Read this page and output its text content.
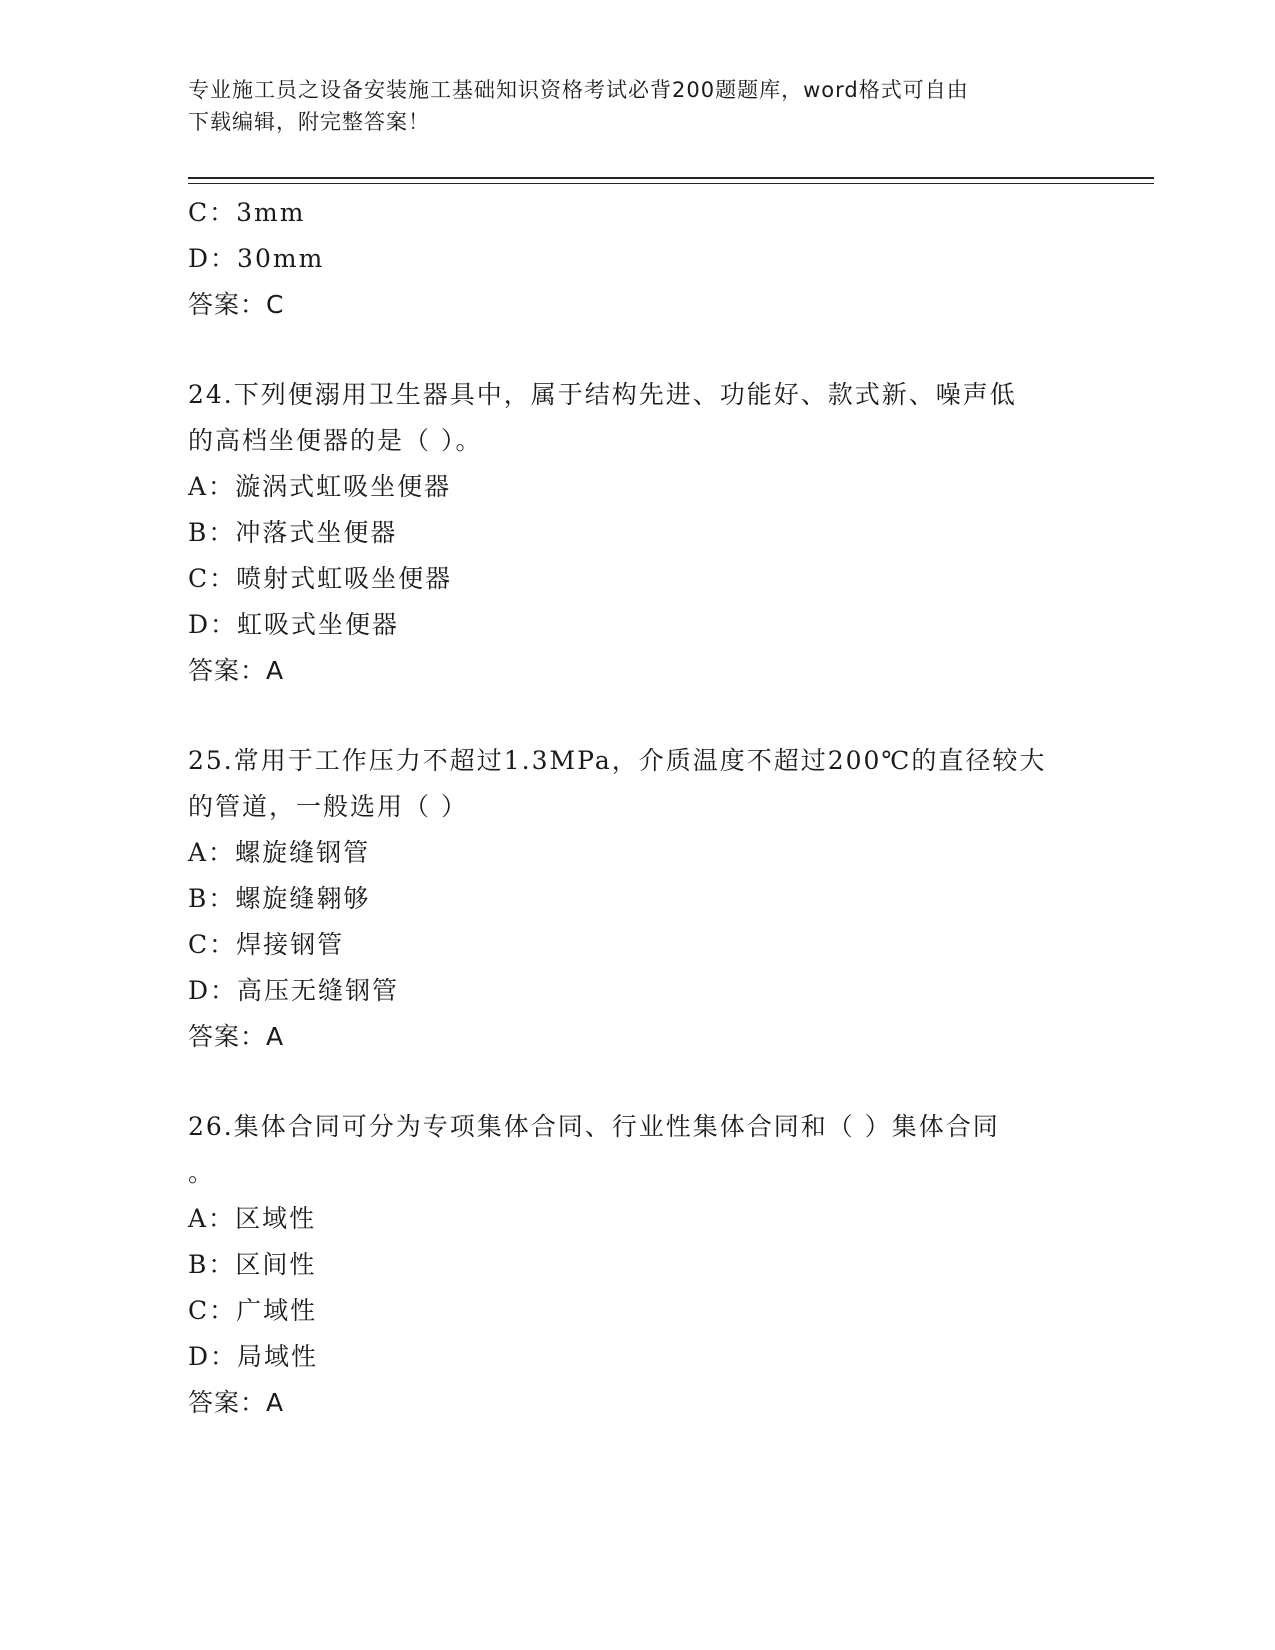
专业施工员之设备安装施工基础知识资格考试必背200题题库，word格式可自由
下载编辑，附完整答案！
C：3mm
D：30mm
答案：C
24.下列便溺用卫生器具中，属于结构先进、功能好、款式新、噪声低
的高档坐便器的是（ ）。
A：漩涡式虹吸坐便器
B：冲落式坐便器
C：喷射式虹吸坐便器
D：虹吸式坐便器
答案：A
25.常用于工作压力不超过1.3MPa，介质温度不超过200℃的直径较大
的管道，一般选用（ ）
A：螺旋缝钢管
B：螺旋缝翱够
C：焊接钢管
D：高压无缝钢管
答案：A
26.集体合同可分为专项集体合同、行业性集体合同和（ ）集体合同
。
A：区域性
B：区间性
C：广域性
D：局域性
答案：A
